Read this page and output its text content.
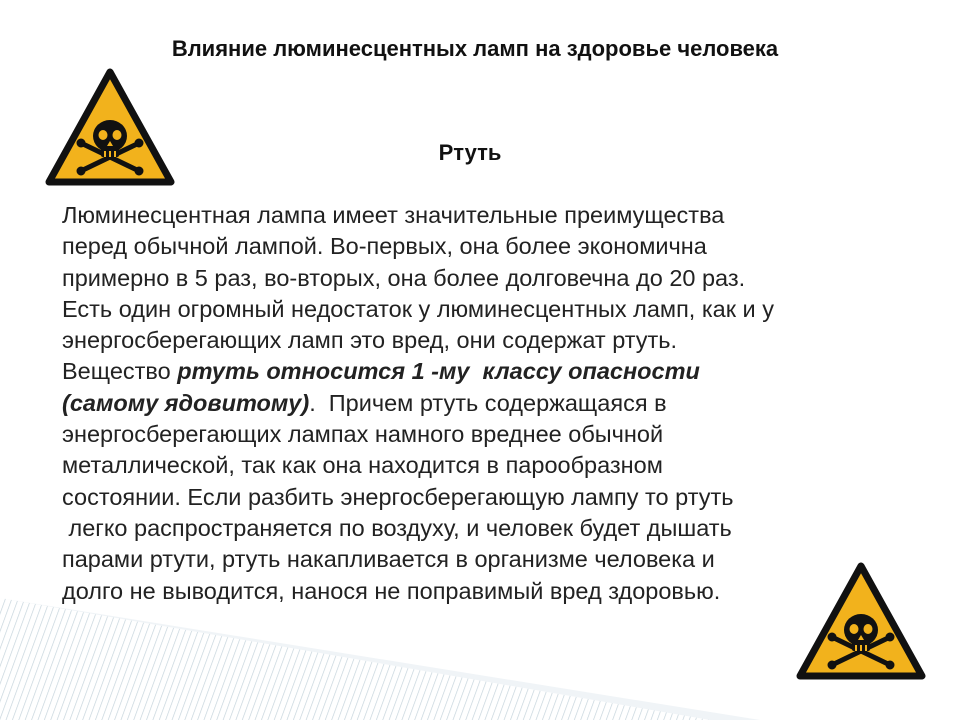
Влияние люминесцентных ламп на здоровье человека
Ртуть

Люминесцентная лампа имеет значительные преимущества
перед обычной лампой. Во-первых, она более экономична
примерно в 5 раз, во-вторых, она более долговечна до 20 раз.
Есть один огромный недостаток у люминесцентных ламп, как и у
энергосберегающих ламп это вред, они содержат ртуть.
Вещество ртуть относится 1 -му  классу опасности
(самому ядовитому).  Причем ртуть содержащаяся в
энергосберегающих лампах намного вреднее обычной
металлической, так как она находится в парообразном
состоянии. Если разбить энергосберегающую лампу то ртуть
легко распространяется по воздуху, и человек будет дышать
парами ртути, ртуть накапливается в организме человека и
долго не выводится, нанося не поправимый вред здоровью.
